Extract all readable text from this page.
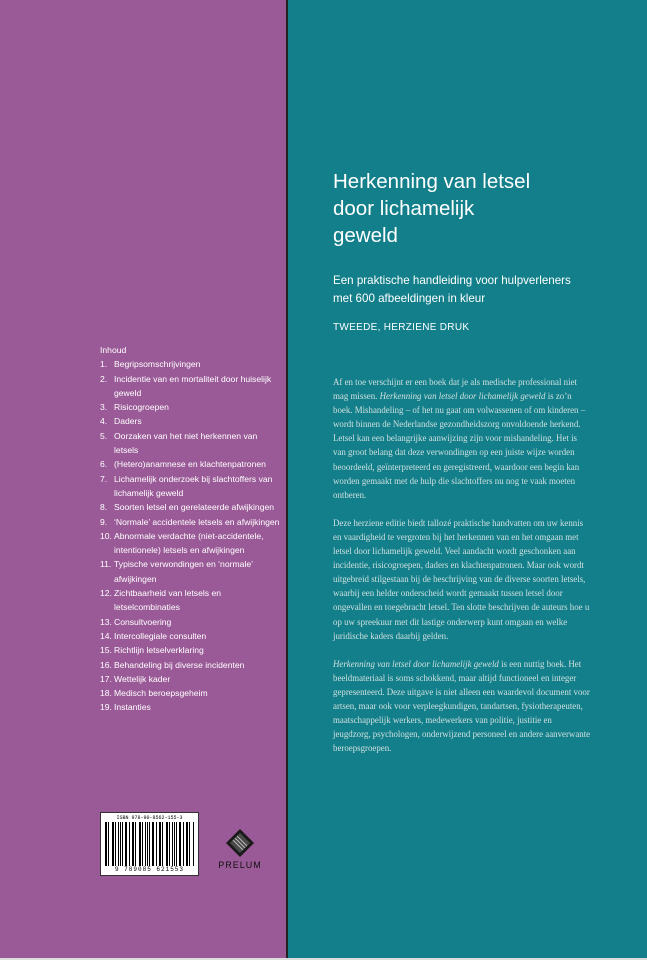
Inhoud
1. Begripsomschrijvingen
2. Incidentie van en mortaliteit door huiselijk geweld
3. Risicogroepen
4. Daders
5. Oorzaken van het niet herkennen van letsels
6. (Hetero)anamnese en klachtenpatronen
7. Lichamelijk onderzoek bij slachtoffers van lichamelijk geweld
8. Soorten letsel en gerelateerde afwijkingen
9. ‘Normale’ accidentele letsels en afwijkingen
10. Abnormale verdachte (niet-accidentele, intentionele) letsels en afwijkingen
11. Typische verwondingen en ‘normale’ afwijkingen
12. Zichtbaarheid van letsels en letselcombinaties
13. Consultvoering
14. Intercollegiale consulten
15. Richtlijn letselverklaring
16. Behandeling bij diverse incidenten
17. Wettelijk kader
18. Medisch beroepsgeheim
19. Instanties
ISBN 978-90-8562-155-3
9 789085 621553	PRELUM
Herkenning van letsel
door lichamelijk
geweld

Een praktische handleiding voor hulpverleners
met 600 afbeeldingen in kleur

TWEEDE, HERZIENE DRUK

Af en toe verschijnt er een boek dat je als medische professional niet mag missen. Herkenning van letsel door lichamelijk geweld is zo’n boek. Mishandeling – of het nu gaat om volwassenen of om kinderen – wordt binnen de Nederlandse gezondheidszorg onvoldoende herkend. Letsel kan een belangrijke aanwijzing zijn voor mishandeling. Het is van groot belang dat deze verwondingen op een juiste wijze worden beoordeeld, geïnterpreteerd en geregistreerd, waardoor een begin kan worden gemaakt met de hulp die slachtoffers nu nog te vaak moeten ontberen.

Deze herziene editie biedt tallozé praktische handvatten om uw kennis en vaardigheid te vergroten bij het herkennen van en het omgaan met letsel door lichamelijk geweld. Veel aandacht wordt geschonken aan incidentie, risicogroepen, daders en klachtenpatronen. Maar ook wordt uitgebreid stilgestaan bij de beschrijving van de diverse soorten letsels, waarbij een helder onderscheid wordt gemaakt tussen letsel door ongevallen en toegebracht letsel. Ten slotte beschrijven de auteurs hoe u op uw spreekuur met dit lastige onderwerp kunt omgaan en welke juridische kaders daarbij gelden.

Herkenning van letsel door lichamelijk geweld is een nuttig boek. Het beeldmateriaal is soms schokkend, maar altijd functioneel en integer gepresenteerd. Deze uitgave is niet alleen een waardevol document voor artsen, maar ook voor verpleegkundigen, tandartsen, fysiotherapeuten, maatschappelijk werkers, medewerkers van politie, justitie en jeugdzorg, psychologen, onderwijzend personeel en andere aanverwante beroepsgroepen.
